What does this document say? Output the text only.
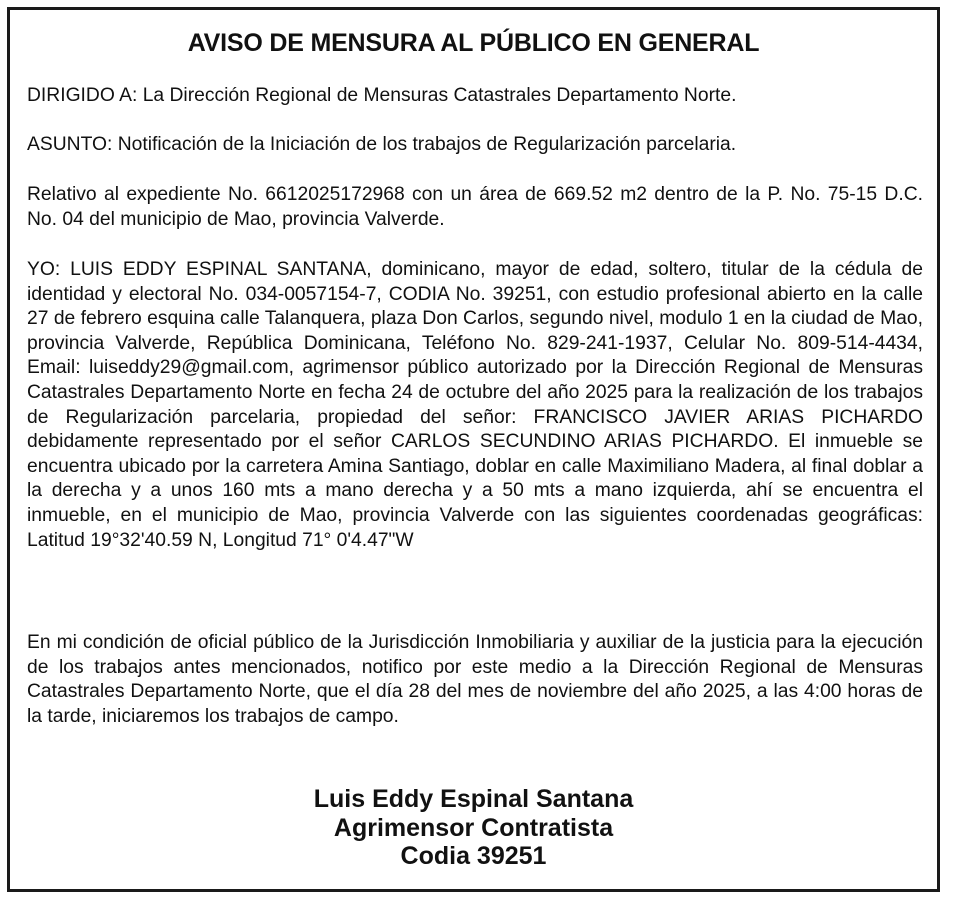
AVISO DE MENSURA AL PÚBLICO EN GENERAL

DIRIGIDO A: La Dirección Regional de Mensuras Catastrales Departamento Norte.

ASUNTO: Notificación de la Iniciación de los trabajos de Regularización parcelaria.

Relativo al expediente No. 6612025172968 con un área de 669.52 m2 dentro de la P. No. 75-15 D.C. No. 04 del municipio de Mao, provincia Valverde.

YO: LUIS EDDY ESPINAL SANTANA, dominicano, mayor de edad, soltero, titular de la cédula de identidad y electoral No. 034-0057154-7, CODIA No. 39251, con estudio profesional abierto en la calle 27 de febrero esquina calle Talanquera, plaza Don Carlos, segundo nivel, modulo 1 en la ciudad de Mao, provincia Valverde, República Dominicana, Teléfono No. 829-241-1937, Celular No. 809-514-4434, Email: luiseddy29@gmail.com, agrimensor público autorizado por la Dirección Regional de Mensuras Catastrales Departamento Norte en fecha 24 de octubre del año 2025 para la realización de los trabajos de Regularización parcelaria, propiedad del señor: FRANCISCO JAVIER ARIAS PICHARDO debidamente representado por el señor CARLOS SECUNDINO ARIAS PICHARDO. El inmueble se encuentra ubicado por la carretera Amina Santiago, doblar en calle Maximiliano Madera, al final doblar a la derecha y a unos 160 mts a mano derecha y a 50 mts a mano izquierda, ahí se encuentra el inmueble, en el municipio de Mao, provincia Valverde con las siguientes coordenadas geográficas: Latitud 19°32'40.59 N, Longitud 71° 0'4.47"W

En mi condición de oficial público de la Jurisdicción Inmobiliaria y auxiliar de la justicia para la ejecución de los trabajos antes mencionados, notifico por este medio a la Dirección Regional de Mensuras Catastrales Departamento Norte, que el día 28 del mes de noviembre del año 2025, a las 4:00 horas de la tarde, iniciaremos los trabajos de campo.

Luis Eddy Espinal Santana
Agrimensor Contratista
Codia 39251
